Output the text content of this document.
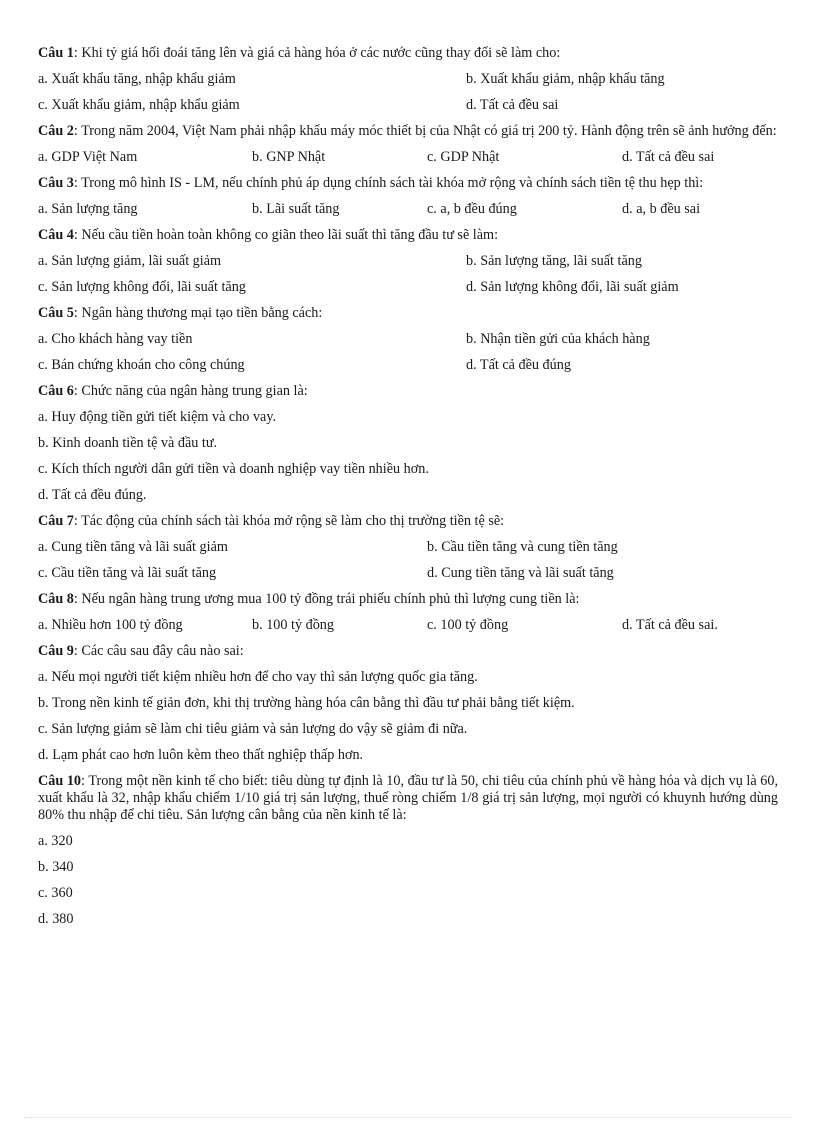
Câu 1: Khi tỷ giá hối đoái tăng lên và giá cả hàng hóa ở các nước cũng thay đổi sẽ làm cho:

a. Xuất khẩu tăng, nhập khẩu giảm	b. Xuất khẩu giảm, nhập khẩu tăng
c. Xuất khẩu giảm, nhập khẩu giảm	d. Tất cả đều sai

Câu 2: Trong năm 2004, Việt Nam phải nhập khẩu máy móc thiết bị của Nhật có giá trị 200 tỷ. Hành động trên sẽ ảnh hưởng đến:

a. GDP Việt Nam	b. GNP Nhật	c. GDP Nhật	d. Tất cả đều sai

Câu 3: Trong mô hình IS - LM, nếu chính phủ áp dụng chính sách tài khóa mở rộng và chính sách tiền tệ thu hẹp thì:

a. Sản lượng tăng	b. Lãi suất tăng	c. a, b đều đúng	d. a, b đều sai

Câu 4: Nếu cầu tiền hoàn toàn không co giãn theo lãi suất thì tăng đầu tư sẽ làm:

a. Sản lượng giảm, lãi suất giảm	b. Sản lượng tăng, lãi suất tăng
c. Sản lượng không đổi, lãi suất tăng	d. Sản lượng không đổi, lãi suất giảm

Câu 5: Ngân hàng thương mại tạo tiền bằng cách:

a. Cho khách hàng vay tiền	b. Nhận tiền gửi của khách hàng
c. Bán chứng khoán cho công chúng	d. Tất cả đều đúng

Câu 6: Chức năng của ngân hàng trung gian là:

a. Huy động tiền gửi tiết kiệm và cho vay.
b. Kinh doanh tiền tệ và đầu tư.
c. Kích thích người dân gửi tiền và doanh nghiệp vay tiền nhiều hơn.
d. Tất cả đều đúng.

Câu 7: Tác động của chính sách tài khóa mở rộng sẽ làm cho thị trường tiền tệ sẽ:

a. Cung tiền tăng và lãi suất giảm	b. Cầu tiền tăng và cung tiền tăng
c. Cầu tiền tăng và lãi suất tăng	d. Cung tiền tăng và lãi suất tăng

Câu 8: Nếu ngân hàng trung ương mua 100 tỷ đồng trái phiếu chính phủ thì lượng cung tiền là:

a. Nhiều hơn 100 tỷ đồng	b. 100 tỷ đồng	c. 100 tỷ đồng	d. Tất cả đều sai.

Câu 9: Các câu sau đây câu nào sai:

a. Nếu mọi người tiết kiệm nhiều hơn để cho vay thì sản lượng quốc gia tăng.
b. Trong nền kinh tế giản đơn, khi thị trường hàng hóa cân bằng thì đầu tư phải bằng tiết kiệm.
c. Sản lượng giảm sẽ làm chi tiêu giảm và sản lượng do vậy sẽ giảm đi nữa.
d. Lạm phát cao hơn luôn kèm theo thất nghiệp thấp hơn.

Câu 10: Trong một nền kinh tế cho biết: tiêu dùng tự định là 10, đầu tư là 50, chi tiêu của chính phủ về hàng hóa và dịch vụ là 60, xuất khẩu là 32, nhập khẩu chiếm 1/10 giá trị sản lượng, thuế ròng chiếm 1/8 giá trị sản lượng, mọi người có khuynh hướng dùng 80% thu nhập để chi tiêu. Sản lượng cân bằng của nền kinh tế là:

a. 320
b. 340
c. 360
d. 380
